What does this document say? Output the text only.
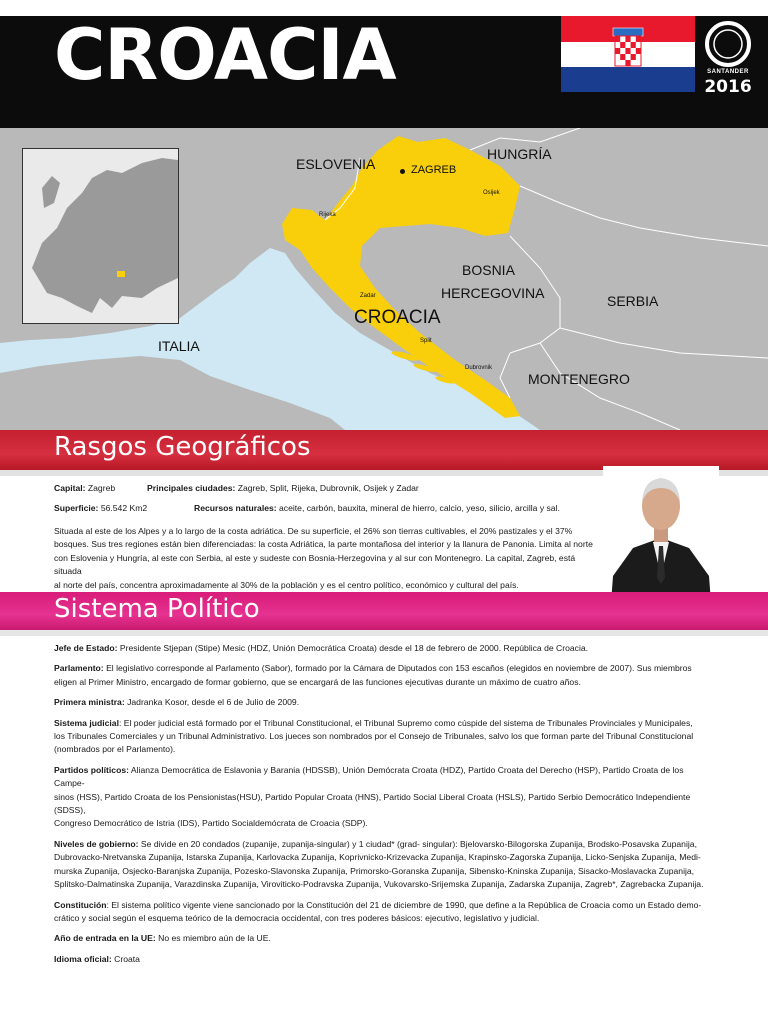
CROACIA	SANTANDER
2016
ESLOVENIA
HUNGRÍA
ZAGREB
BOSNIA
HERCEGOVINA	SERBIA
CROACIA
ITALIA
MONTENEGRO
Osijek
Rijeka
Zadar
Split
Dubrovnik
Rasgos Geográficos
Capital: Zagreb	Principales ciudades: Zagreb, Split, Rijeka, Dubrovnik, Osijek y Zadar
Superficie: 56.542 Km2	Recursos naturales: aceite, carbón, bauxita, mineral de hierro, calcio, yeso, silicio, arcilla y sal.
Situada al este de los Alpes y a lo largo de la costa adriática. De su superficie, el 26% son tierras cultivables, el 20% pastizales y el 37%
bosques. Sus tres regiones están bien diferenciadas: la costa Adriática, la parte montañosa del interior y la llanura de Panonia. Limita al norte
con Eslovenia y Hungría, al este con Serbia, al este y sudeste con Bosnia-Herzegovina y al sur con Montenegro. La capital, Zagreb, está situada
al norte del país, concentra aproximadamente al 30% de la población y es el centro político, económico y cultural del país.
Sistema Político
Jefe de Estado: Presidente Stjepan (Stipe) Mesic (HDZ, Unión Democrática Croata) desde el 18 de febrero de 2000. República de Croacia.
Parlamento: El legislativo corresponde al Parlamento (Sabor), formado por la Cámara de Diputados con 153 escaños (elegidos en noviembre de 2007). Sus miembros
eligen al Primer Ministro, encargado de formar gobierno, que se encargará de las funciones ejecutivas durante un máximo de cuatro años.
Primera ministra: Jadranka Kosor, desde el 6 de Julio de 2009.
Sistema judicial: El poder judicial está formado por el Tribunal Constitucional, el Tribunal Supremo como cúspide del sistema de Tribunales Provinciales y Municipales,
los Tribunales Comerciales y un Tribunal Administrativo. Los jueces son nombrados por el Consejo de Tribunales, salvo los que forman parte del Tribunal Constitucional
(nombrados por el Parlamento).
Partidos políticos: Alianza Democrática de Eslavonia y Barania (HDSSB), Unión Demócrata Croata (HDZ), Partido Croata del Derecho (HSP), Partido Croata de los Campe-
sinos (HSS), Partido Croata de los Pensionistas(HSU), Partido Popular Croata (HNS), Partido Social Liberal Croata (HSLS), Partido Serbio Democrático Independiente (SDSS),
Congreso Democrático de Istria (IDS), Partido Socialdemócrata de Croacia (SDP).
Niveles de gobierno: Se divide en 20 condados (zupanije, zupanija-singular) y 1 ciudad* (grad- singular): Bjelovarsko-Bilogorska Zupanija, Brodsko-Posavska Zupanija,
Dubrovacko-Nretvanska Zupanija, Istarska Zupanija, Karlovacka Zupanija, Koprivnicko-Krizevacka Zupanija, Krapinsko-Zagorska Zupanija, Licko-Senjska Zupanija, Medi-
murska Zupanija, Osjecko-Baranjska Zupanija, Pozesko-Slavonska Zupanija, Primorsko-Goranska Zupanija, Sibensko-Kninska Zupanija, Sisacko-Moslavacka Zupanija,
Splitsko-Dalmatinska Zupanija, Varazdinska Zupanija, Viroviticko-Podravska Zupanija, Vukovarsko-Srijemska Zupanija, Zadarska Zupanija, Zagreb*, Zagrebacka Zupanija.
Constitución: El sistema político vigente viene sancionado por la Constitución del 21 de diciembre de 1990, que define a la República de Croacia como un Estado demo-
crático y social según el esquema teórico de la democracia occidental, con tres poderes básicos: ejecutivo, legislativo y judicial.
Año de entrada en la UE: No es miembro aún de la UE.
Idioma oficial: Croata
